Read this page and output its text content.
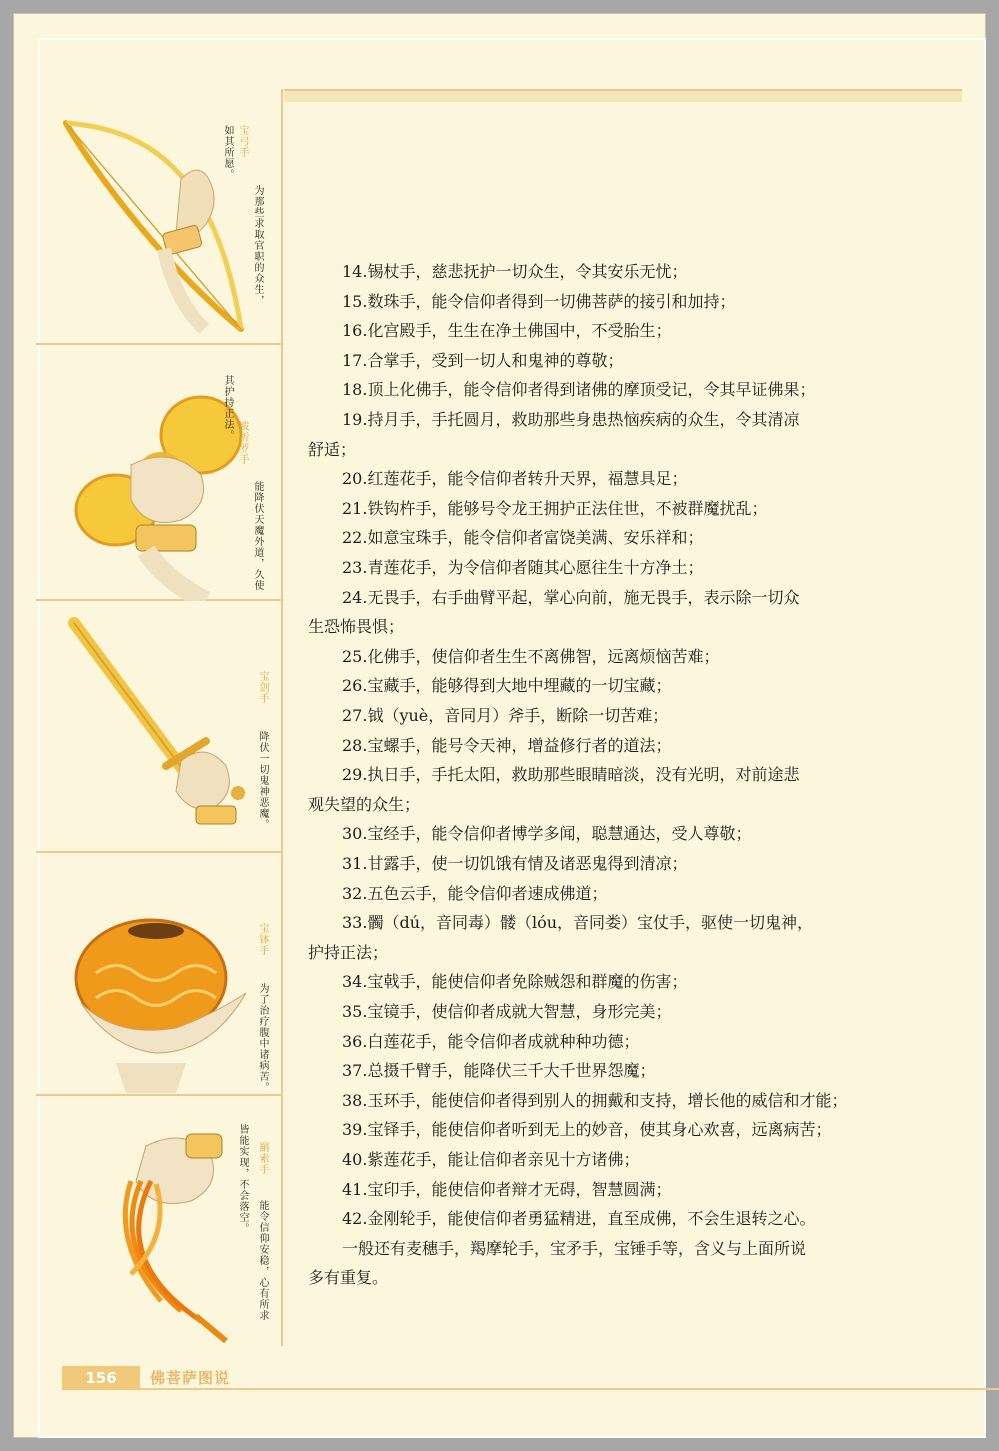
宝弓手
为那些求取官职的众生，
如其所愿。
跋折罗手
能降伏天魔外道，久使
其护持正法。
宝剑手
降伏一切鬼神恶魔。
宝钵手
为了治疗腹中诸病苦。
羂索手
能令信仰安稳，心有所求
皆能实现，不会落空。
14.锡杖手，慈悲抚护一切众生，令其安乐无忧；
15.数珠手，能令信仰者得到一切佛菩萨的接引和加持；
16.化宫殿手，生生在净土佛国中，不受胎生；
17.合掌手，受到一切人和鬼神的尊敬；
18.顶上化佛手，能令信仰者得到诸佛的摩顶受记，令其早证佛果；
19.持月手，手托圆月，救助那些身患热恼疾病的众生，令其清凉
舒适；
20.红莲花手，能令信仰者转升天界，福慧具足；
21.铁钩杵手，能够号令龙王拥护正法住世，不被群魔扰乱；
22.如意宝珠手，能令信仰者富饶美满、安乐祥和；
23.青莲花手，为令信仰者随其心愿往生十方净土；
24.无畏手，右手曲臂平起，掌心向前，施无畏手，表示除一切众
生恐怖畏惧；
25.化佛手，使信仰者生生不离佛智，远离烦恼苦难；
26.宝藏手，能够得到大地中埋藏的一切宝藏；
27.钺（yuè，音同月）斧手，断除一切苦难；
28.宝螺手，能号令天神，增益修行者的道法；
29.执日手，手托太阳，救助那些眼睛暗淡，没有光明，对前途悲
观失望的众生；
30.宝经手，能令信仰者博学多闻，聪慧通达，受人尊敬；
31.甘露手，使一切饥饿有情及诸恶鬼得到清凉；
32.五色云手，能令信仰者速成佛道；
33.髑（dú，音同毒）髅（lóu，音同娄）宝仗手，驱使一切鬼神，
护持正法；
34.宝戟手，能使信仰者免除贼怨和群魔的伤害；
35.宝镜手，使信仰者成就大智慧，身形完美；
36.白莲花手，能令信仰者成就种种功德；
37.总摄千臂手，能降伏三千大千世界怨魔；
38.玉环手，能使信仰者得到别人的拥戴和支持，增长他的威信和才能；
39.宝铎手，能使信仰者听到无上的妙音，使其身心欢喜，远离病苦；
40.紫莲花手，能让信仰者亲见十方诸佛；
41.宝印手，能使信仰者辩才无碍，智慧圆满；
42.金刚轮手，能使信仰者勇猛精进，直至成佛，不会生退转之心。
一般还有麦穗手，羯摩轮手，宝矛手，宝锤手等，含义与上面所说
多有重复。
156	佛菩萨图说
